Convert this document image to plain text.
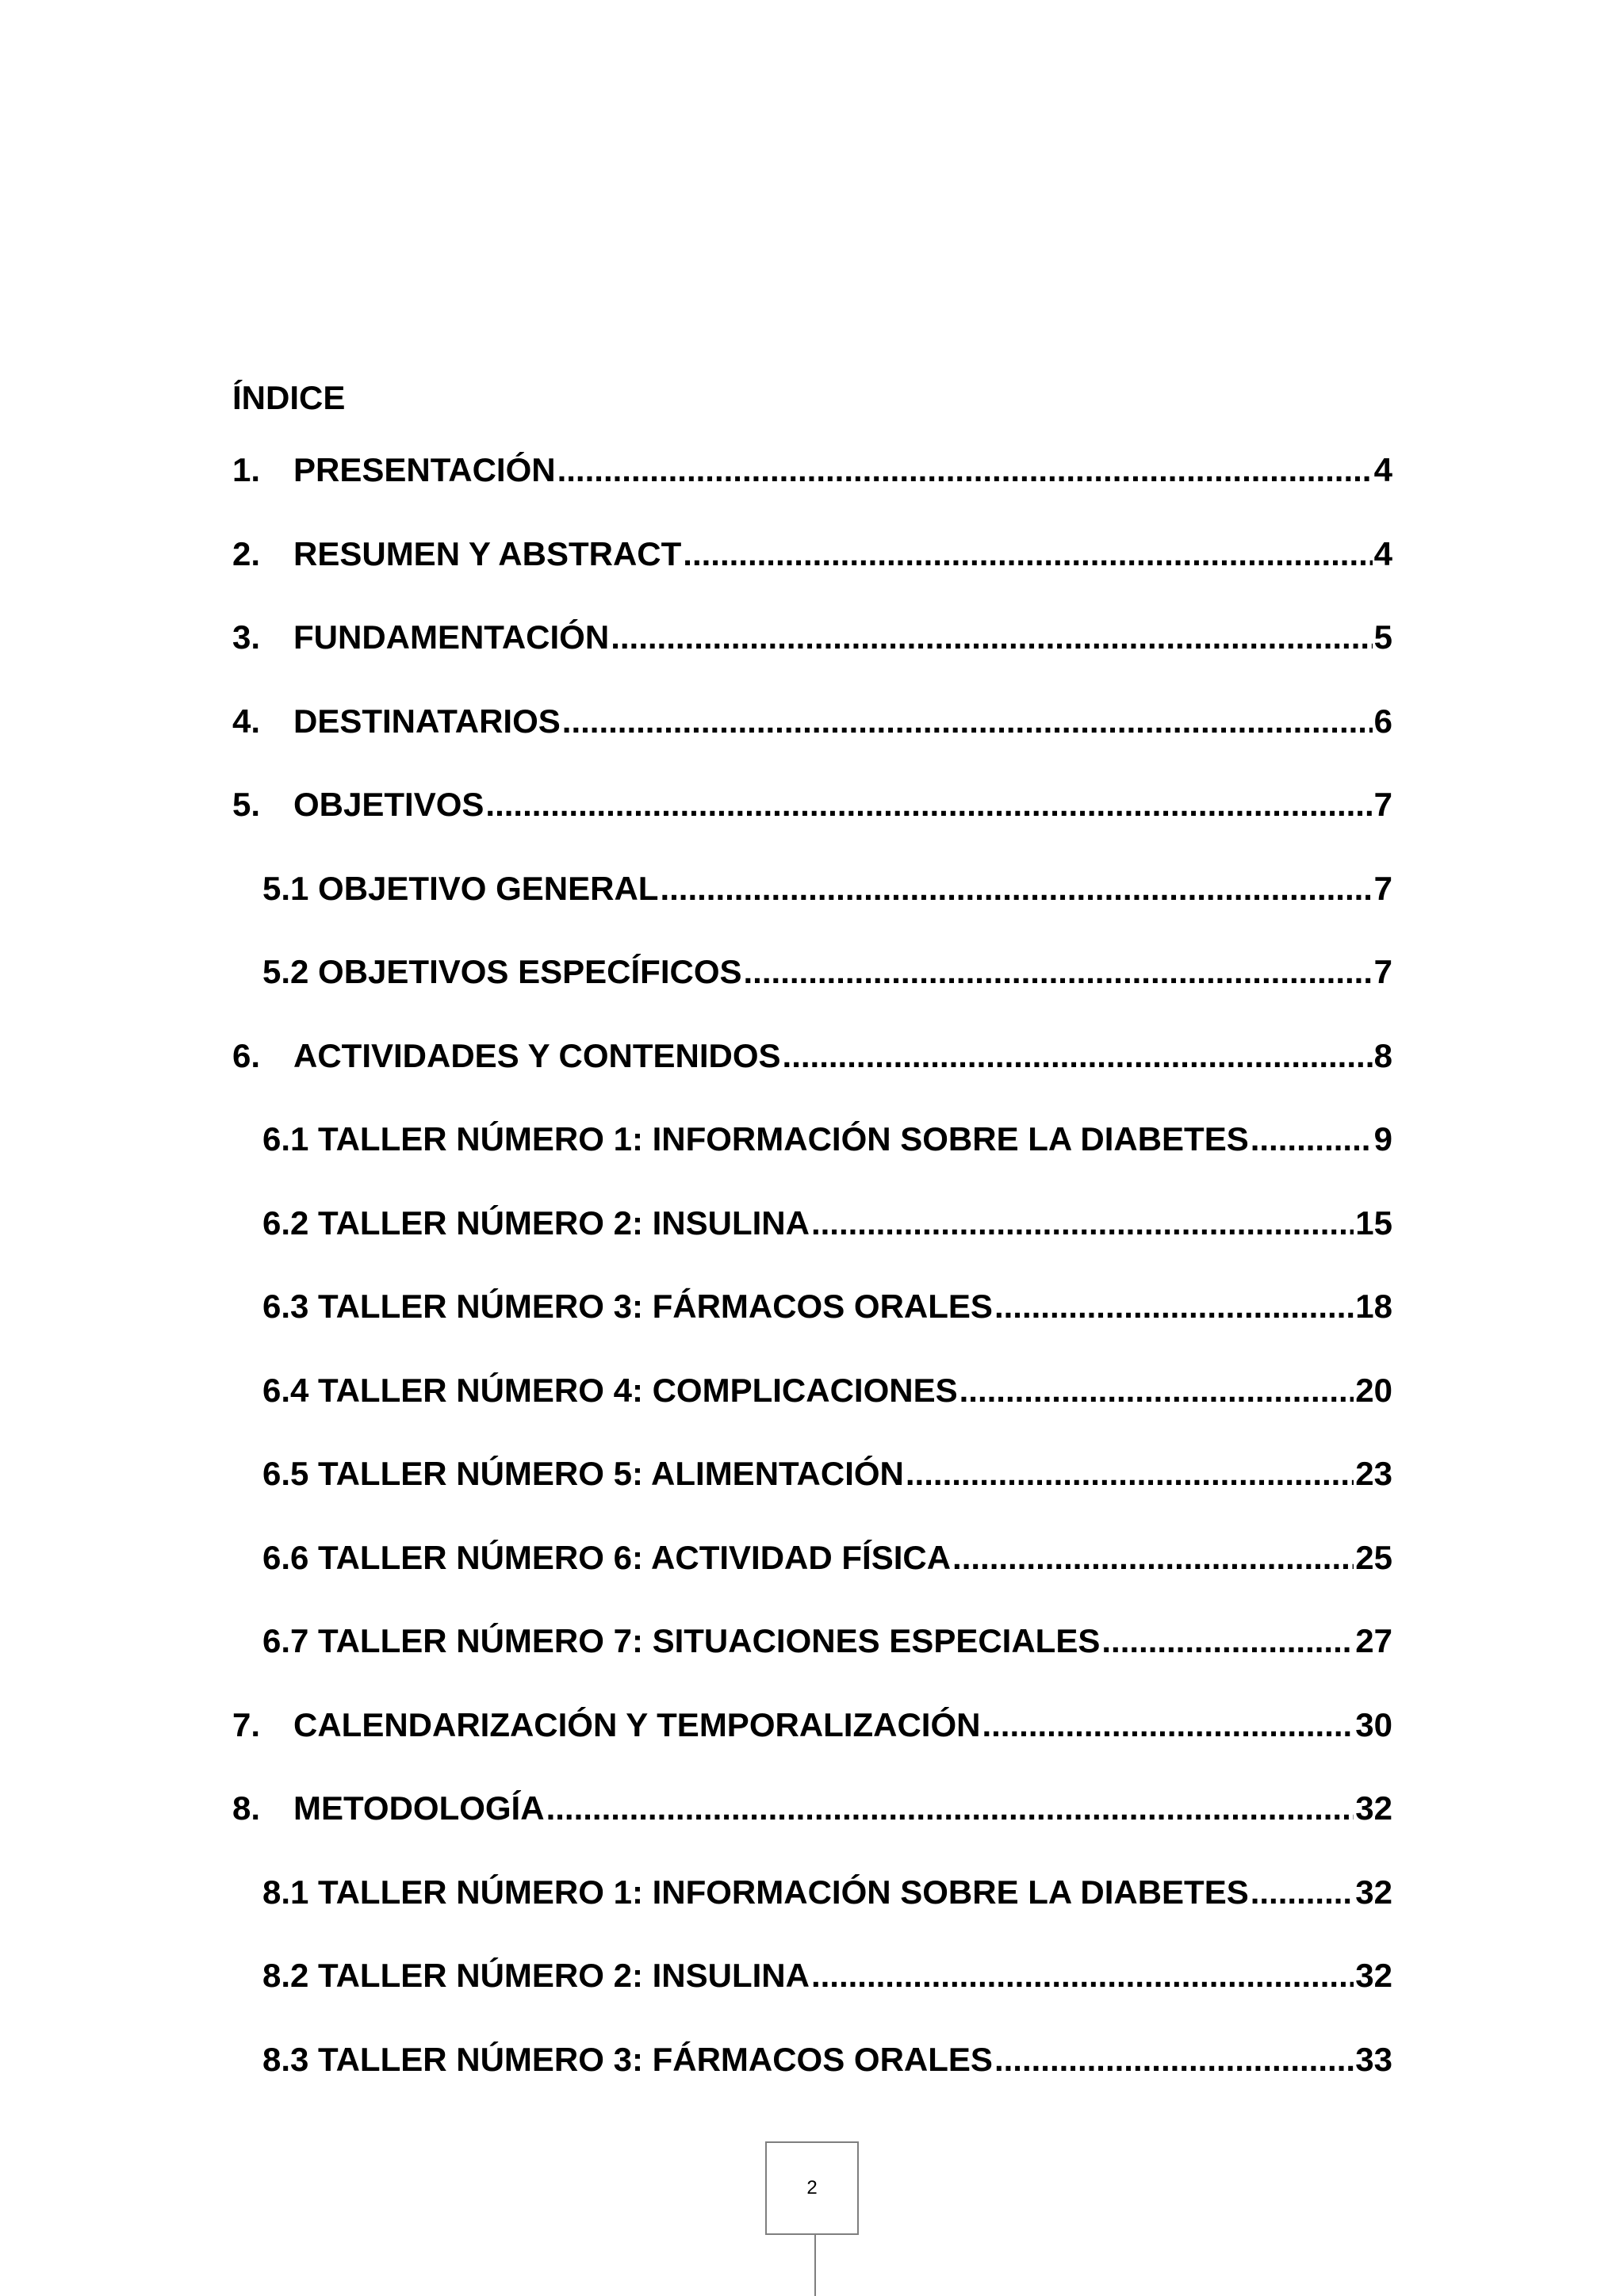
ÍNDICE
1. PRESENTACIÓN .....	4
2. RESUMEN Y ABSTRACT .....	4
3. FUNDAMENTACIÓN .....	5
4. DESTINATARIOS .....	6
5. OBJETIVOS .....	7
5.1 OBJETIVO GENERAL .....	7
5.2 OBJETIVOS ESPECÍFICOS .....	7
6. ACTIVIDADES Y CONTENIDOS .....	8
6.1 TALLER NÚMERO 1: INFORMACIÓN SOBRE LA DIABETES .....	9
6.2 TALLER NÚMERO 2: INSULINA .....	15
6.3 TALLER NÚMERO 3: FÁRMACOS ORALES .....	18
6.4 TALLER NÚMERO 4: COMPLICACIONES .....	20
6.5 TALLER NÚMERO 5: ALIMENTACIÓN .....	23
6.6 TALLER NÚMERO 6: ACTIVIDAD FÍSICA .....	25
6.7 TALLER NÚMERO 7: SITUACIONES ESPECIALES .....	27
7. CALENDARIZACIÓN Y TEMPORALIZACIÓN .....	30
8. METODOLOGÍA .....	32
8.1 TALLER NÚMERO 1: INFORMACIÓN SOBRE LA DIABETES .....	32
8.2 TALLER NÚMERO 2: INSULINA .....	32
8.3 TALLER NÚMERO 3: FÁRMACOS ORALES .....	33
2
